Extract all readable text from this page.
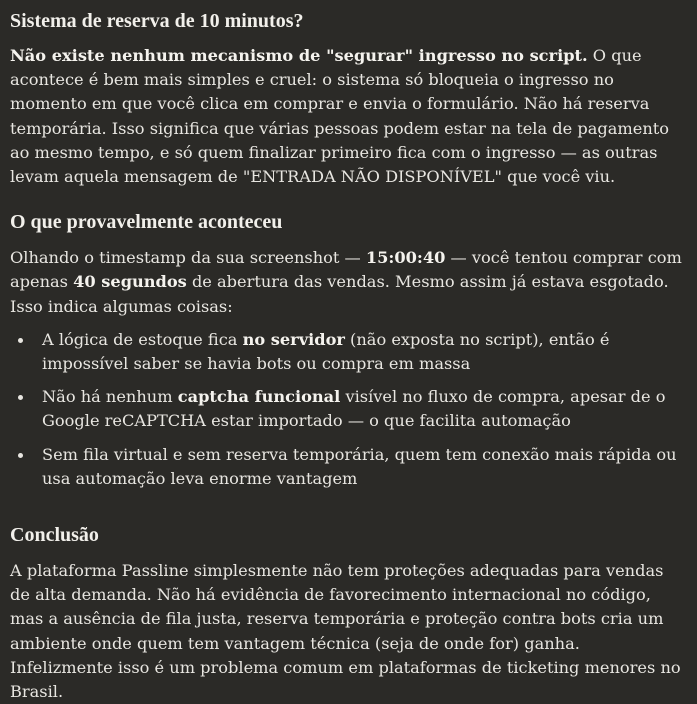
Sistema de reserva de 10 minutos?

Não existe nenhum mecanismo de "segurar" ingresso no script. O que acontece é bem mais simples e cruel: o sistema só bloqueia o ingresso no momento em que você clica em comprar e envia o formulário. Não há reserva temporária. Isso significa que várias pessoas podem estar na tela de pagamento ao mesmo tempo, e só quem finalizar primeiro fica com o ingresso — as outras levam aquela mensagem de "ENTRADA NÃO DISPONÍVEL" que você viu.

O que provavelmente aconteceu

Olhando o timestamp da sua screenshot — 15:00:40 — você tentou comprar com apenas 40 segundos de abertura das vendas. Mesmo assim já estava esgotado. Isso indica algumas coisas:

A lógica de estoque fica no servidor (não exposta no script), então é impossível saber se havia bots ou compra em massa
Não há nenhum captcha funcional visível no fluxo de compra, apesar de o Google reCAPTCHA estar importado — o que facilita automação
Sem fila virtual e sem reserva temporária, quem tem conexão mais rápida ou usa automação leva enorme vantagem
Conclusão

A plataforma Passline simplesmente não tem proteções adequadas para vendas de alta demanda. Não há evidência de favorecimento internacional no código, mas a ausência de fila justa, reserva temporária e proteção contra bots cria um ambiente onde quem tem vantagem técnica (seja de onde for) ganha. Infelizmente isso é um problema comum em plataformas de ticketing menores no Brasil.
